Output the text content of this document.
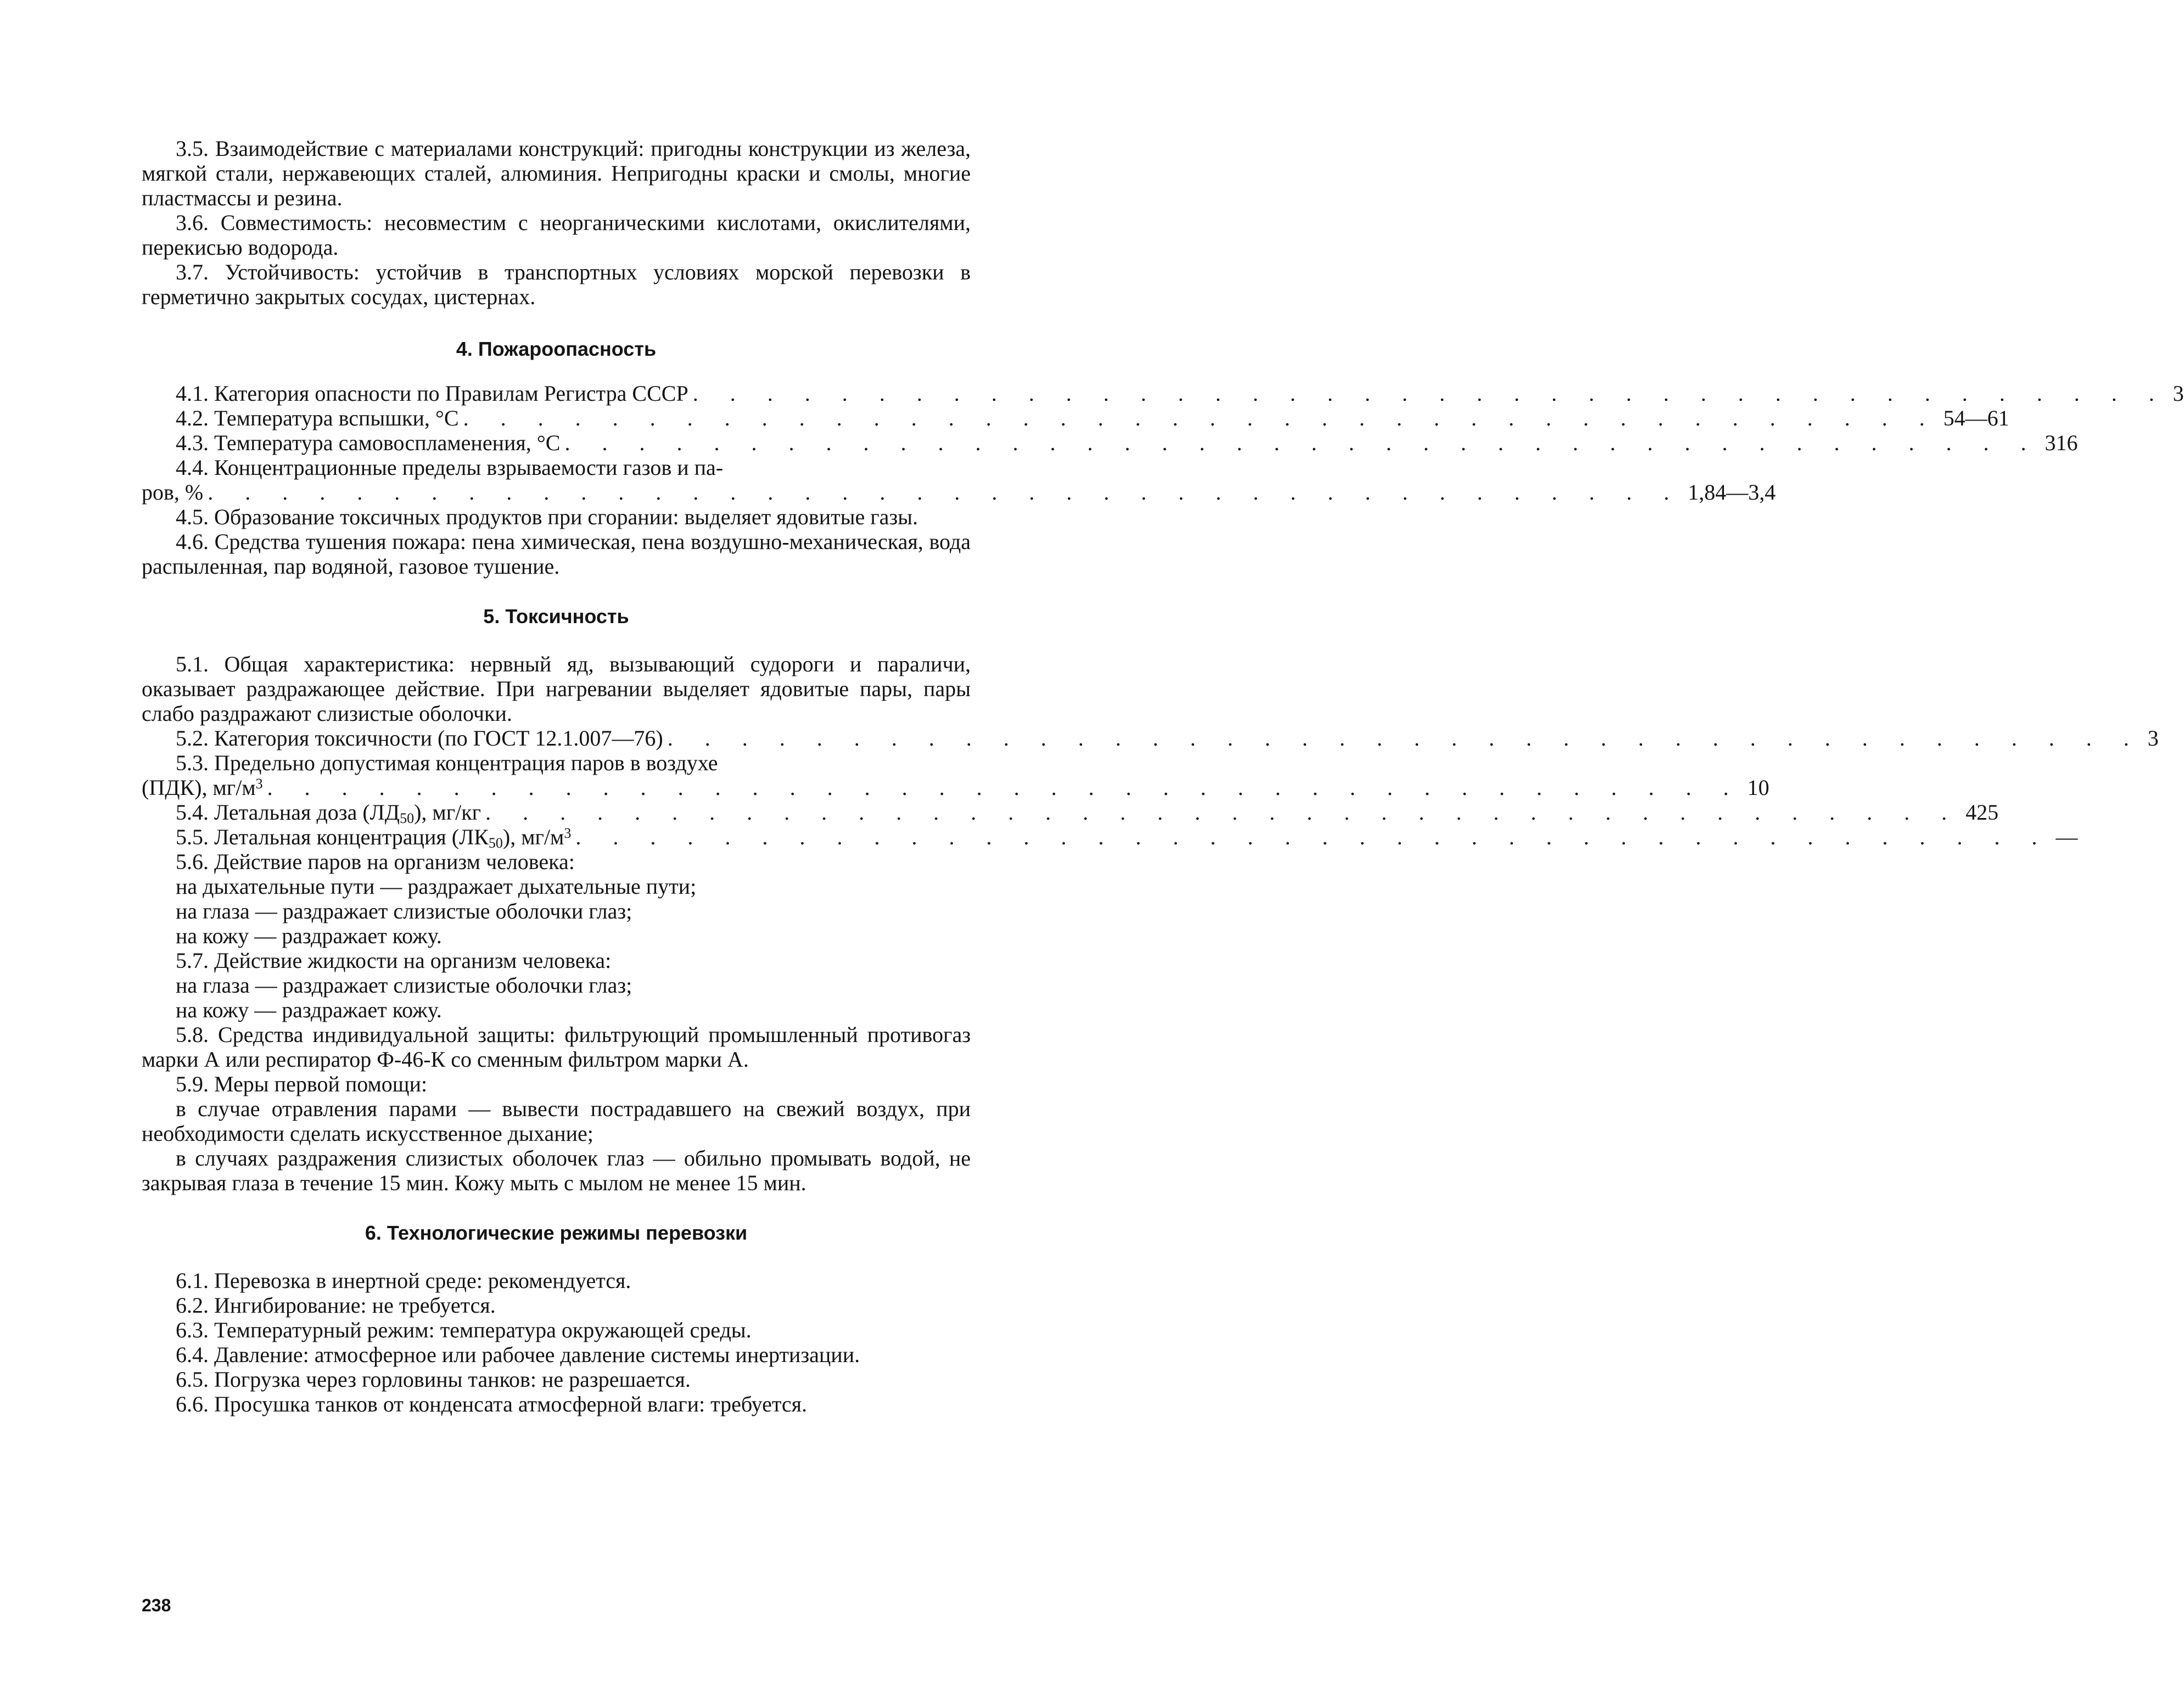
3.5. Взаимодействие с материалами конструкций: пригодны конструкции из железа, мягкой стали, нержавеющих сталей, алюминия. Непригодны краски и смолы, многие пластмассы и резина.

3.6. Совместимость: несовместим с неорганическими кислотами, окислителями, перекисью водорода.

3.7. Устойчивость: устойчив в транспортных условиях морской перевозки в герметично закрытых сосудах, цистернах.

4. Пожароопасность

4.1. Категория опасности по Правилам Регистра СССР . . . . . . . . . . . . . . . . . . . . . . . . . . . . . . . . . . . . . . . . 3
4.2. Температура вспышки, °С . . . . . . . . . . . . . . . . . . . . . . . . . . . . . . . . . . . . . . . . 54—61
4.3. Температура самовоспламенения, °С . . . . . . . . . . . . . . . . . . . . . . . . . . . . . . . . . . . . . . . . 316

4.4. Концентрационные пределы взрываемости газов и па-

ров, % . . . . . . . . . . . . . . . . . . . . . . . . . . . . . . . . . . . . . . . . 1,84—3,4

4.5. Образование токсичных продуктов при сгорании: выделяет ядовитые газы.

4.6. Средства тушения пожара: пена химическая, пена воздушно-механическая, вода распыленная, пар водяной, газовое тушение.

5. Токсичность

5.1. Общая характеристика: нервный яд, вызывающий судороги и параличи, оказывает раздражающее действие. При нагревании выделяет ядовитые пары, пары слабо раздражают слизистые оболочки.

5.2. Категория токсичности (по ГОСТ 12.1.007—76) . . . . . . . . . . . . . . . . . . . . . . . . . . . . . . . . . . . . . . . . 3

5.3. Предельно допустимая концентрация паров в воздухе

(ПДК), $мг/м^3$ . . . . . . . . . . . . . . . . . . . . . . . . . . . . . . . . . . . . . . . . 10
5.4. Летальная доза $(ЛД_{50})$, мг/кг . . . . . . . . . . . . . . . . . . . . . . . . . . . . . . . . . . . . . . . . 425
5.5. Летальная концентрация $(ЛК_{50})$, $мг/м^3$ . . . . . . . . . . . . . . . . . . . . . . . . . . . . . . . . . . . . . . . . —

5.6. Действие паров на организм человека:

на дыхательные пути — раздражает дыхательные пути;

на глаза — раздражает слизистые оболочки глаз;

на кожу — раздражает кожу.

5.7. Действие жидкости на организм человека:

на глаза — раздражает слизистые оболочки глаз;

на кожу — раздражает кожу.

5.8. Средства индивидуальной защиты: фильтрующий промышленный противогаз марки А или респиратор Ф-46-К со сменным фильтром марки А.

5.9. Меры первой помощи:

в случае отравления парами — вывести пострадавшего на свежий воздух, при необходимости сделать искусственное дыхание;

в случаях раздражения слизистых оболочек глаз — обильно промывать водой, не закрывая глаза в течение 15 мин. Кожу мыть с мылом не менее 15 мин.

6. Технологические режимы перевозки

6.1. Перевозка в инертной среде: рекомендуется.

6.2. Ингибирование: не требуется.

6.3. Температурный режим: температура окружающей среды.

6.4. Давление: атмосферное или рабочее давление системы инертизации.

6.5. Погрузка через горловины танков: не разрешается.

6.6. Просушка танков от конденсата атмосферной влаги: требуется.

238
